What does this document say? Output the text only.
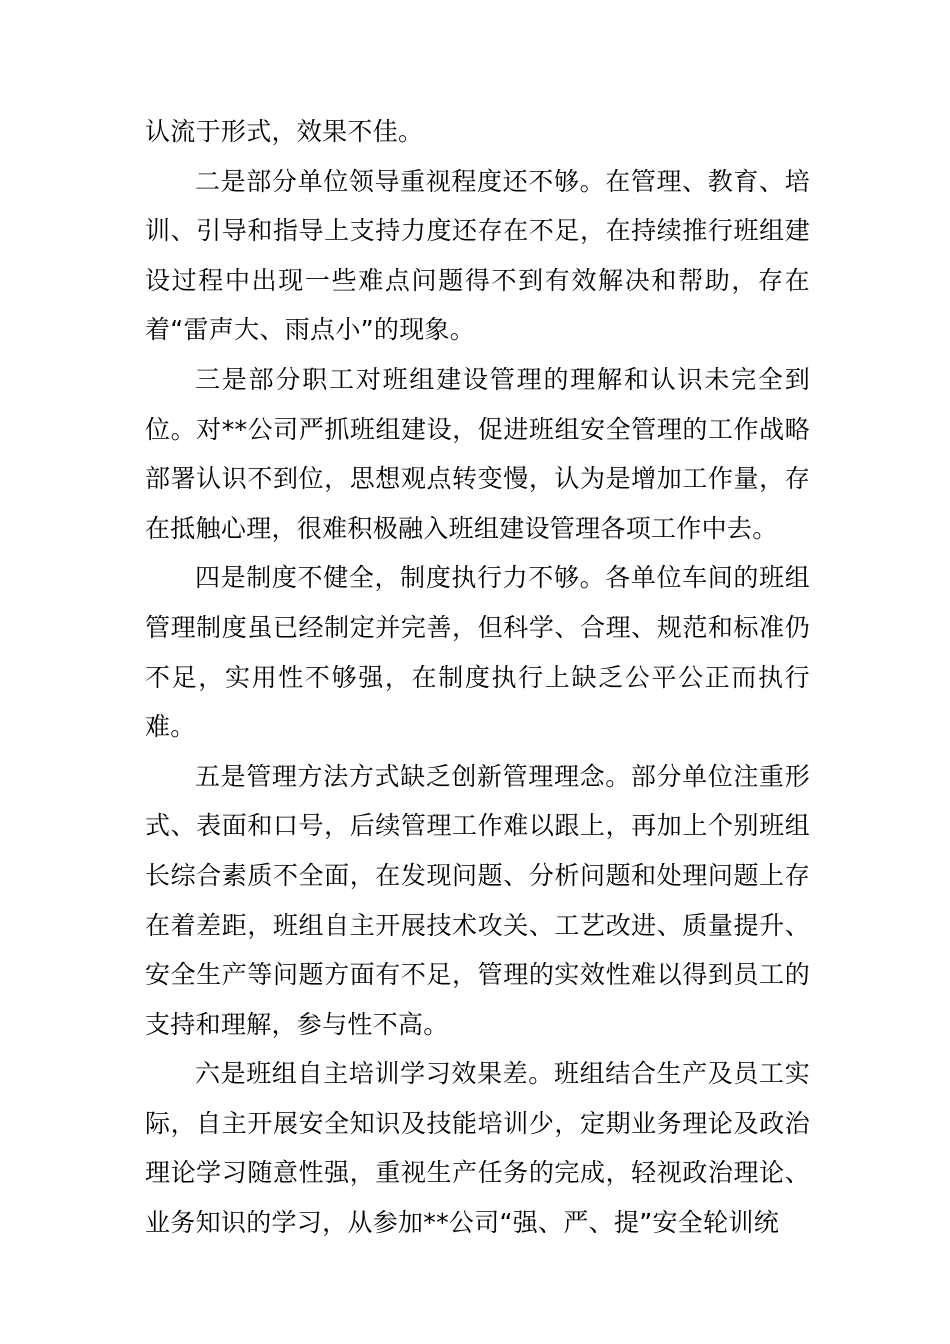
认流于形式，效果不佳。

二是部分单位领导重视程度还不够。在管理、教育、培训、引导和指导上支持力度还存在不足，在持续推行班组建设过程中出现一些难点问题得不到有效解决和帮助，存在着“雷声大、雨点小”的现象。

三是部分职工对班组建设管理的理解和认识未完全到位。对**公司严抓班组建设，促进班组安全管理的工作战略部署认识不到位，思想观点转变慢，认为是增加工作量，存在抵触心理，很难积极融入班组建设管理各项工作中去。

四是制度不健全，制度执行力不够。各单位车间的班组管理制度虽已经制定并完善，但科学、合理、规范和标准仍不足，实用性不够强，在制度执行上缺乏公平公正而执行难。

五是管理方法方式缺乏创新管理理念。部分单位注重形式、表面和口号，后续管理工作难以跟上，再加上个别班组长综合素质不全面，在发现问题、分析问题和处理问题上存在着差距，班组自主开展技术攻关、工艺改进、质量提升、安全生产等问题方面有不足，管理的实效性难以得到员工的支持和理解，参与性不高。

六是班组自主培训学习效果差。班组结合生产及员工实际，自主开展安全知识及技能培训少，定期业务理论及政治理论学习随意性强，重视生产任务的完成，轻视政治理论、业务知识的学习，从参加**公司“强、严、提”安全轮训统
